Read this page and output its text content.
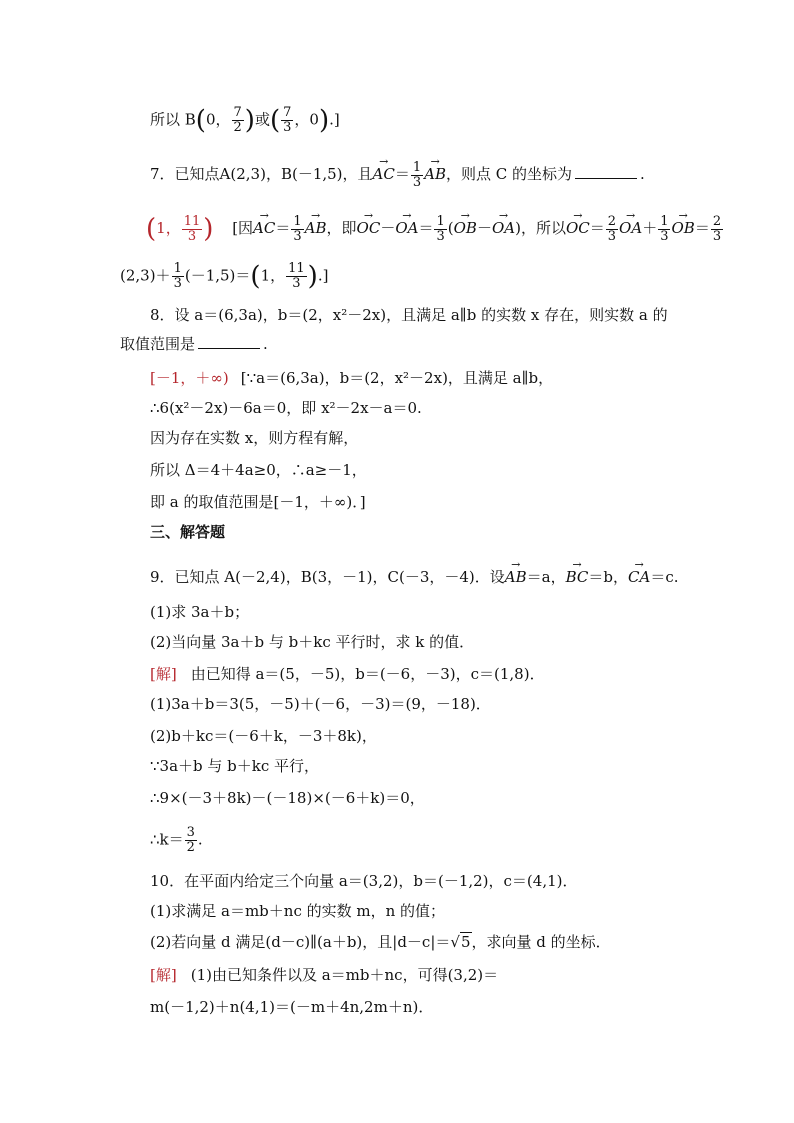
所以 B(0， $\frac{7}{2}$ )或( $\frac{7}{3}$ ，0).]
7．已知点A(2,3)，B(－1,5)，且→ $AC= \frac{1}{3}$
→ AB，则点 C 的坐标为	.
(1， $\frac{11}{3}$ ) [因→ $AC= \frac{1}{3}$
→ AB，即→ $OC-\to OA= \frac{1}{3}$ (→ OB－→ OA)，所以→ $OC= \frac{2}{3}$
→ $OA+ \frac{1}{3}$
→ $OB= \frac{2}{3}$
$(2,3)+ \frac{1}{3} (-1,5)=(1$， $\frac{11}{3}$ ).]
8．设 a＝(6,3a)，b＝(2，x²－2x)，且满足 a∥b 的实数 x 存在，则实数 a 的
取值范围是	.
[－1，＋∞) [∵a＝(6,3a)，b＝(2，x²－2x)，且满足 a∥b，
∴6(x²－2x)－6a＝0，即 x²－2x－a＝0.
因为存在实数 x，则方程有解，
所以 Δ＝4＋4a≥0，∴a≥－1，
即 a 的取值范围是[－1，＋∞)．]
三、解答题
9．已知点 A(－2,4)，B(3，－1)，C(－3，－4)．设→ AB＝a，→ BC＝b，→ CA＝c.
(1)求 3a＋b；
(2)当向量 3a＋b 与 b＋kc 平行时，求 k 的值．
[解] 由已知得 a＝(5，－5)，b＝(－6，－3)，c＝(1,8)．
(1)3a＋b＝3(5，－5)＋(－6，－3)＝(9，－18)．
(2)b＋kc＝(－6＋k，－3＋8k)，
∵3a＋b 与 b＋kc 平行，
∴9×(－3＋8k)－(－18)×(－6＋k)＝0，
∴k＝ $\frac{3}{2}$ .
10．在平面内给定三个向量 a＝(3,2)，b＝(－1,2)，c＝(4,1)．
(1)求满足 a＝mb＋nc 的实数 m，n 的值；
(2)若向量 d 满足(d－c)∥(a＋b)，且|d－c|＝√5，求向量 d 的坐标．
[解] (1)由已知条件以及 a＝mb＋nc，可得(3,2)＝
m(－1,2)＋n(4,1)＝(－m＋4n,2m＋n)．
